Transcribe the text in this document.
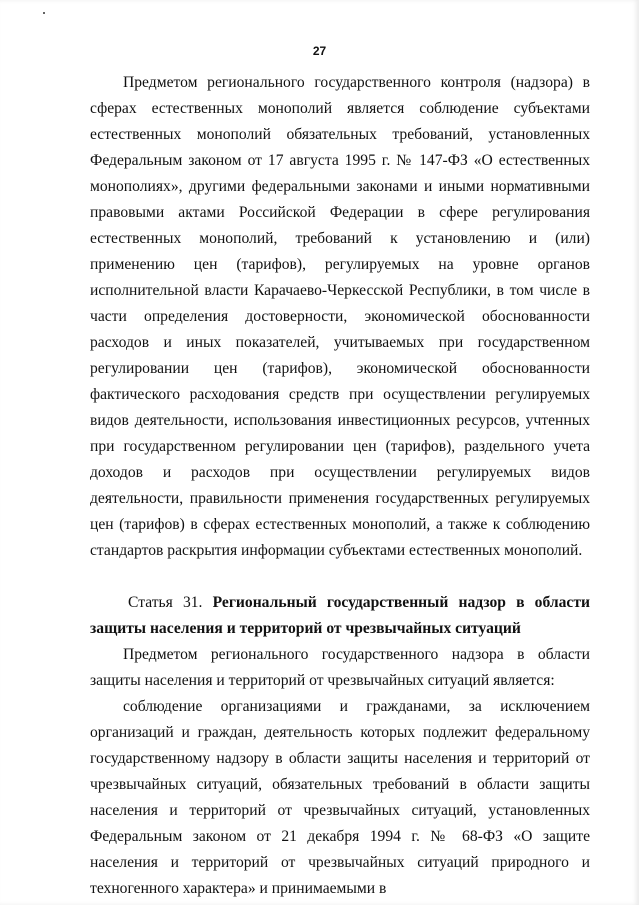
27

Предметом регионального государственного контроля (надзора) в сферах естественных монополий является соблюдение субъектами естественных монополий обязательных требований, установленных Федеральным законом от 17 августа 1995 г. № 147-ФЗ «О естественных монополиях», другими федеральными законами и иными нормативными правовыми актами Российской Федерации в сфере регулирования естественных монополий, требований к установлению и (или) применению цен (тарифов), регулируемых на уровне органов исполнительной власти Карачаево-Черкесской Республики, в том числе в части определения достоверности, экономической обоснованности расходов и иных показателей, учитываемых при государственном регулировании цен (тарифов), экономической обоснованности фактического расходования средств при осуществлении регулируемых видов деятельности, использования инвестиционных ресурсов, учтенных при государственном регулировании цен (тарифов), раздельного учета доходов и расходов при осуществлении регулируемых видов деятельности, правильности применения государственных регулируемых цен (тарифов) в сферах естественных монополий, а также к соблюдению стандартов раскрытия информации субъектами естественных монополий.

Статья 31. Региональный государственный надзор в области защиты населения и территорий от чрезвычайных ситуаций

Предметом регионального государственного надзора в области защиты населения и территорий от чрезвычайных ситуаций является:

соблюдение организациями и гражданами, за исключением организаций и граждан, деятельность которых подлежит федеральному государственному надзору в области защиты населения и территорий от чрезвычайных ситуаций, обязательных требований в области защиты населения и территорий от чрезвычайных ситуаций, установленных Федеральным законом от 21 декабря 1994 г. № 68-ФЗ «О защите населения и территорий от чрезвычайных ситуаций природного и техногенного характера» и принимаемыми в
